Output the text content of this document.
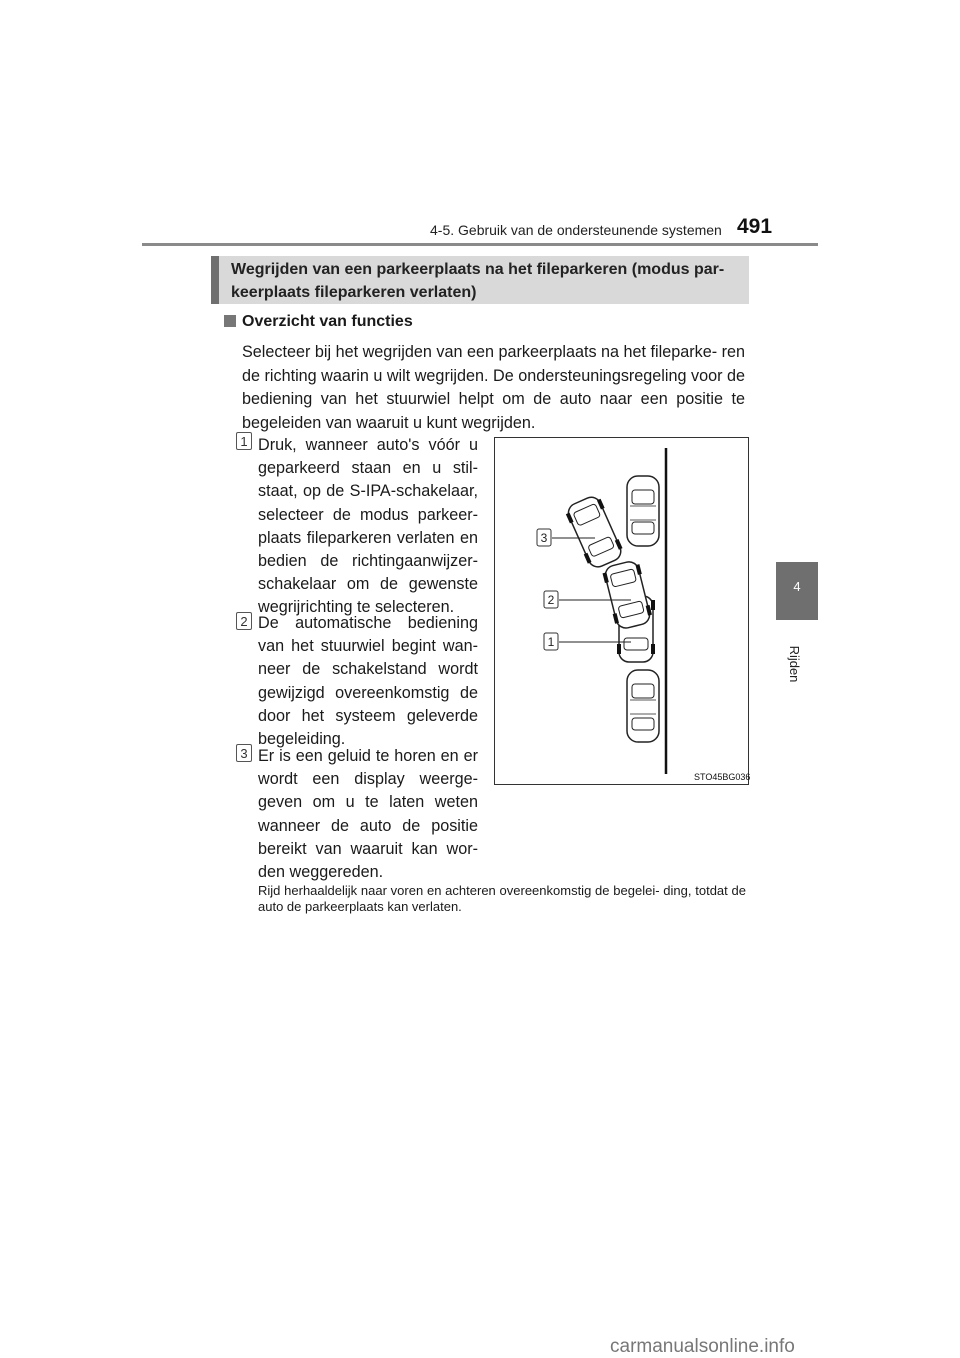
4-5. Gebruik van de ondersteunende systemen 491
4
Rijden
Wegrijden van een parkeerplaats na het fileparkeren (modus par-
keerplaats fileparkeren verlaten)
Overzicht van functies
Selecteer bij het wegrijden van een parkeerplaats na het fileparke- ren de richting waarin u wilt wegrijden. De ondersteuningsregeling voor de bediening van het stuurwiel helpt om de auto naar een positie te begeleiden van waaruit u kunt wegrijden.
1 Druk, wanneer auto's vóór u geparkeerd staan en u stil- staat, op de S-IPA-schakelaar, selecteer de modus parkeer- plaats fileparkeren verlaten en bedien de richtingaanwijzer- schakelaar om de gewenste wegrijrichting te selecteren.
2 De automatische bediening van het stuurwiel begint wan- neer de schakelstand wordt gewijzigd overeenkomstig de door het systeem geleverde begeleiding.
3 Er is een geluid te horen en er wordt een display weerge- geven om u te laten weten wanneer de auto de positie bereikt van waaruit kan wor- den weggereden.
Rijd herhaaldelijk naar voren en achteren overeenkomstig de begelei- ding, totdat de auto de parkeerplaats kan verlaten.
3
2
1
STO45BG036
carmanualsonline.info
